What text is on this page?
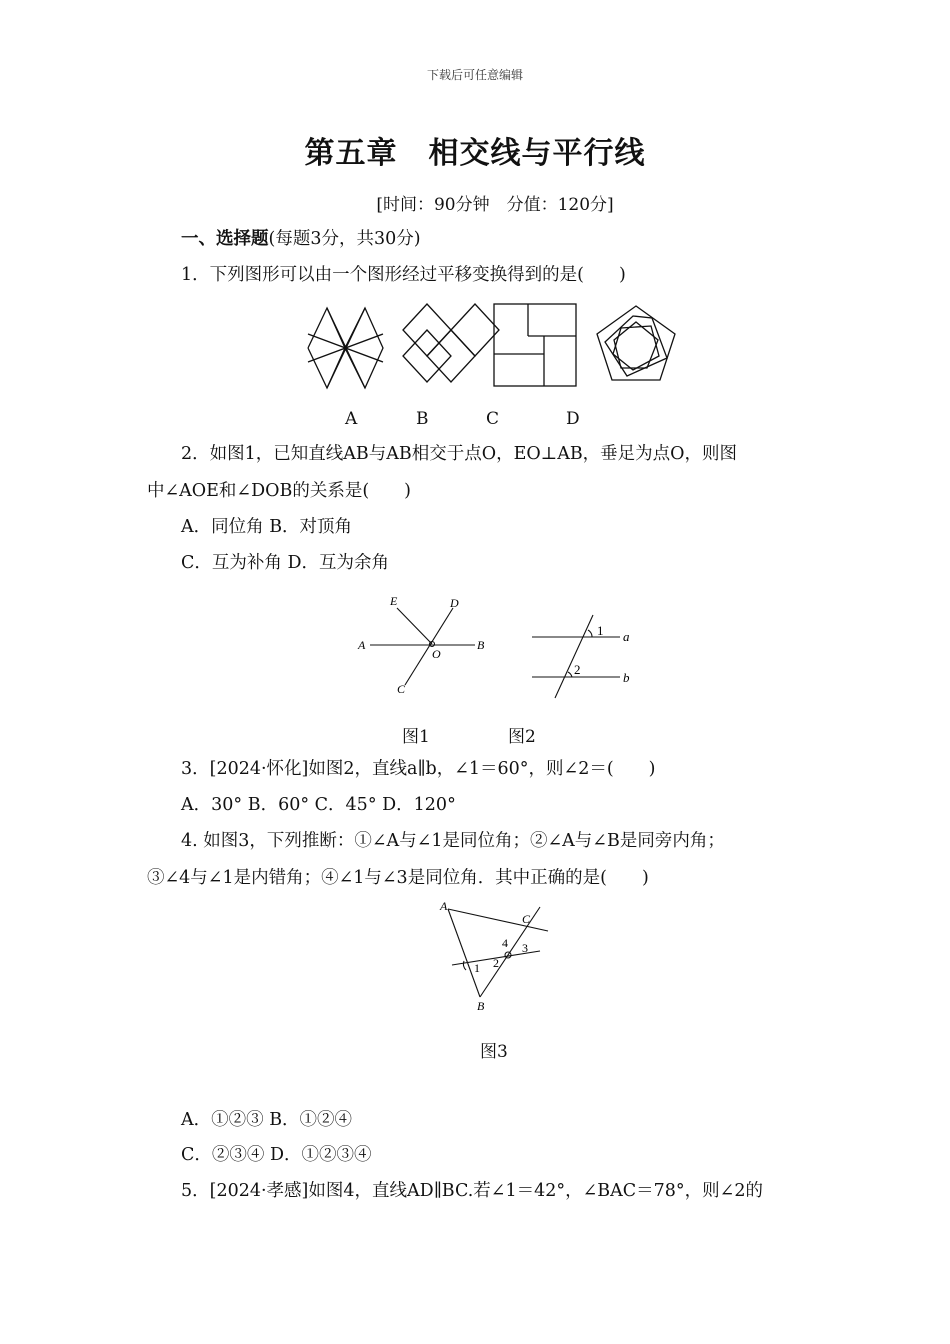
下载后可任意编辑
第五章　相交线与平行线
[时间：90分钟　分值：120分]
一、选择题(每题3分，共30分)
1．下列图形可以由一个图形经过平移变换得到的是(　　)
A	B	C	D
2．如图1，已知直线AB与AB相交于点O，EO⊥AB，垂足为点O，则图
中∠AOE和∠DOB的关系是(　　)
A．同位角 B．对顶角
C．互为补角 D．互为余角
E	D
A
O
B
C
1
2
a
b
图1	图2
3．[2024·怀化]如图2，直线a∥b，∠1＝60°，则∠2＝(　　)
A．30° B．60° C．45° D．120°
4. 如图3，下列推断：①∠A与∠1是同位角；②∠A与∠B是同旁内角；
③∠4与∠1是内错角；④∠1与∠3是同位角．其中正确的是(　　)
A
C
B
1 2
3
4
图3
A．①②③ B．①②④
C．②③④ D．①②③④
5．[2024·孝感]如图4，直线AD∥BC.若∠1＝42°，∠BAC＝78°，则∠2的
